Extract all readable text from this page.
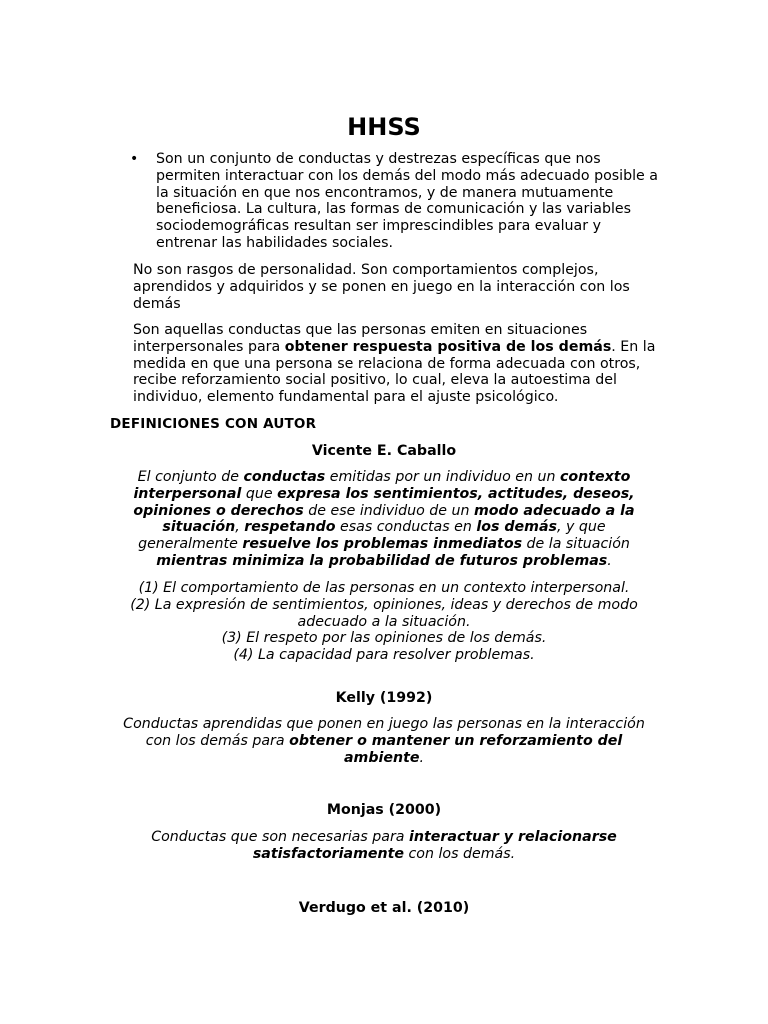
HHSS
• Son un conjunto de conductas y destrezas específicas que nos permiten interactuar con los demás del modo más adecuado posible a la situación en que nos encontramos, y de manera mutuamente beneficiosa. La cultura, las formas de comunicación y las variables sociodemográficas resultan ser imprescindibles para evaluar y entrenar las habilidades sociales.
No son rasgos de personalidad. Son comportamientos complejos, aprendidos y adquiridos y se ponen en juego en la interacción con los demás
Son aquellas conductas que las personas emiten en situaciones interpersonales para obtener respuesta positiva de los demás. En la medida en que una persona se relaciona de forma adecuada con otros, recibe reforzamiento social positivo, lo cual, eleva la autoestima del individuo, elemento fundamental para el ajuste psicológico.
DEFINICIONES CON AUTOR
Vicente E. Caballo
El conjunto de conductas emitidas por un individuo en un contexto interpersonal que expresa los sentimientos, actitudes, deseos, opiniones o derechos de ese individuo de un modo adecuado a la situación, respetando esas conductas en los demás, y que generalmente resuelve los problemas inmediatos de la situación mientras minimiza la probabilidad de futuros problemas.
(1) El comportamiento de las personas en un contexto interpersonal.
(2) La expresión de sentimientos, opiniones, ideas y derechos de modo adecuado a la situación.
(3) El respeto por las opiniones de los demás.
(4) La capacidad para resolver problemas.
Kelly (1992)
Conductas aprendidas que ponen en juego las personas en la interacción con los demás para obtener o mantener un reforzamiento del ambiente.
Monjas (2000)
Conductas que son necesarias para interactuar y relacionarse satisfactoriamente con los demás.
Verdugo et al. (2010)
